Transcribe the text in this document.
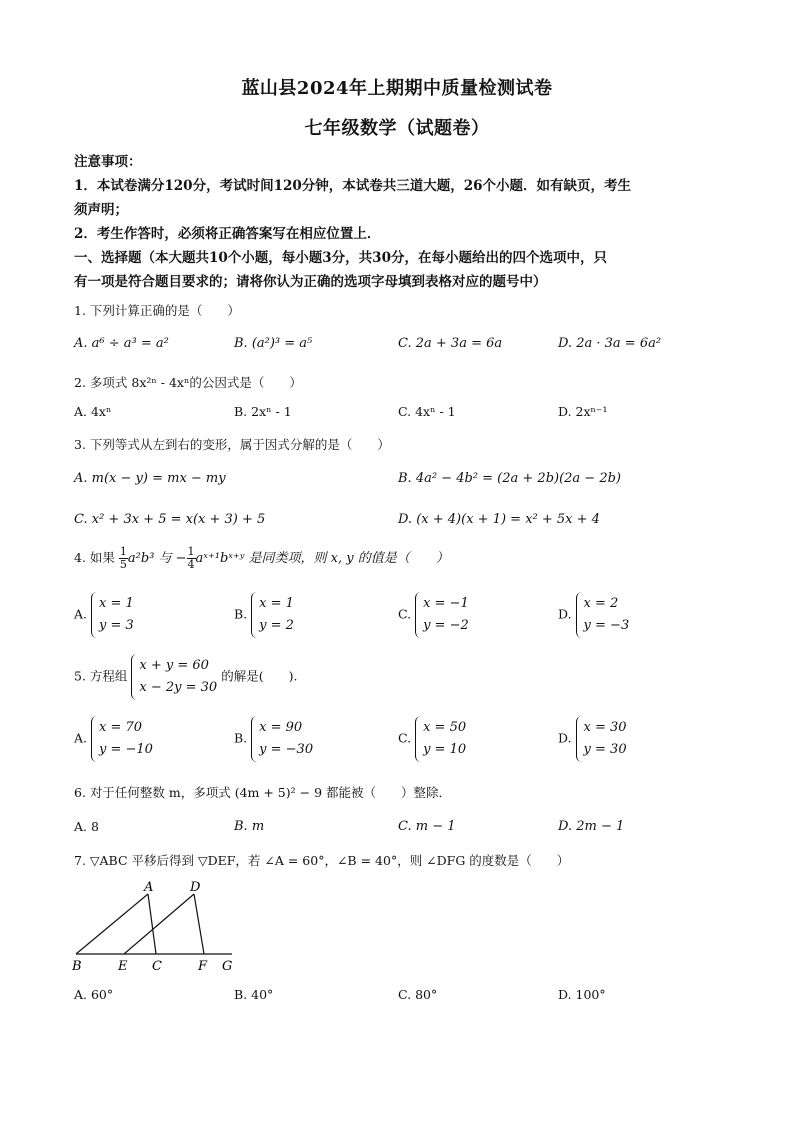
蓝山县2024年上期期中质量检测试卷
七年级数学（试题卷）
注意事项：
1．本试卷满分120分，考试时间120分钟，本试卷共三道大题，26个小题．如有缺页，考生
须声明；
2．考生作答时，必须将正确答案写在相应位置上．
一、选择题（本大题共10个小题，每小题3分，共30分，在每小题给出的四个选项中，只
有一项是符合题目要求的；请将你认为正确的选项字母填到表格对应的题号中）
1. 下列计算正确的是（　　）
A. a⁶ ÷ a³ = a²	B. (a²)³ = a⁵	C. 2a + 3a = 6a	D. 2a · 3a = 6a²
2. 多项式 8x²ⁿ - 4xⁿ的公因式是（　　）
A. 4xⁿ	B. 2xⁿ - 1	C. 4xⁿ - 1	D. 2xⁿ⁻¹
3. 下列等式从左到右的变形，属于因式分解的是（　　）
A. m(x − y) = mx − my	B. 4a² − 4b² = (2a + 2b)(2a − 2b)
C. x² + 3x + 5 = x(x + 3) + 5	D. (x + 4)(x + 1) = x² + 5x + 4
4. 如果 $\frac{1}{5} a^2b^3$ 与 − $\frac{1}{4}$ aˣ⁺¹bˣ⁺ʸ 是同类项，则 x, y 的值是（　　）
A.
x = 1
y = 3
B.
x = 1
y = 2
C.
x = −1
y = −2
D.
x = 2
y = −3
5. 方程组
x + y = 60
x − 2y = 30
的解是(　　).
A.
x = 70
y = −10
B.
x = 90
y = −30
C.
x = 50
y = 10
D.
x = 30
y = 30
6. 对于任何整数 m，多项式 (4m + 5)² − 9 都能被（　　）整除．
A. 8	B. m	C. m − 1	D. 2m − 1
7. ▽ABC 平移后得到 ▽DEF，若 ∠A = 60°，∠B = 40°，则 ∠DFG 的度数是（　　）
A	D
B	E C	F G
A. 60°	B. 40°	C. 80°	D. 100°
